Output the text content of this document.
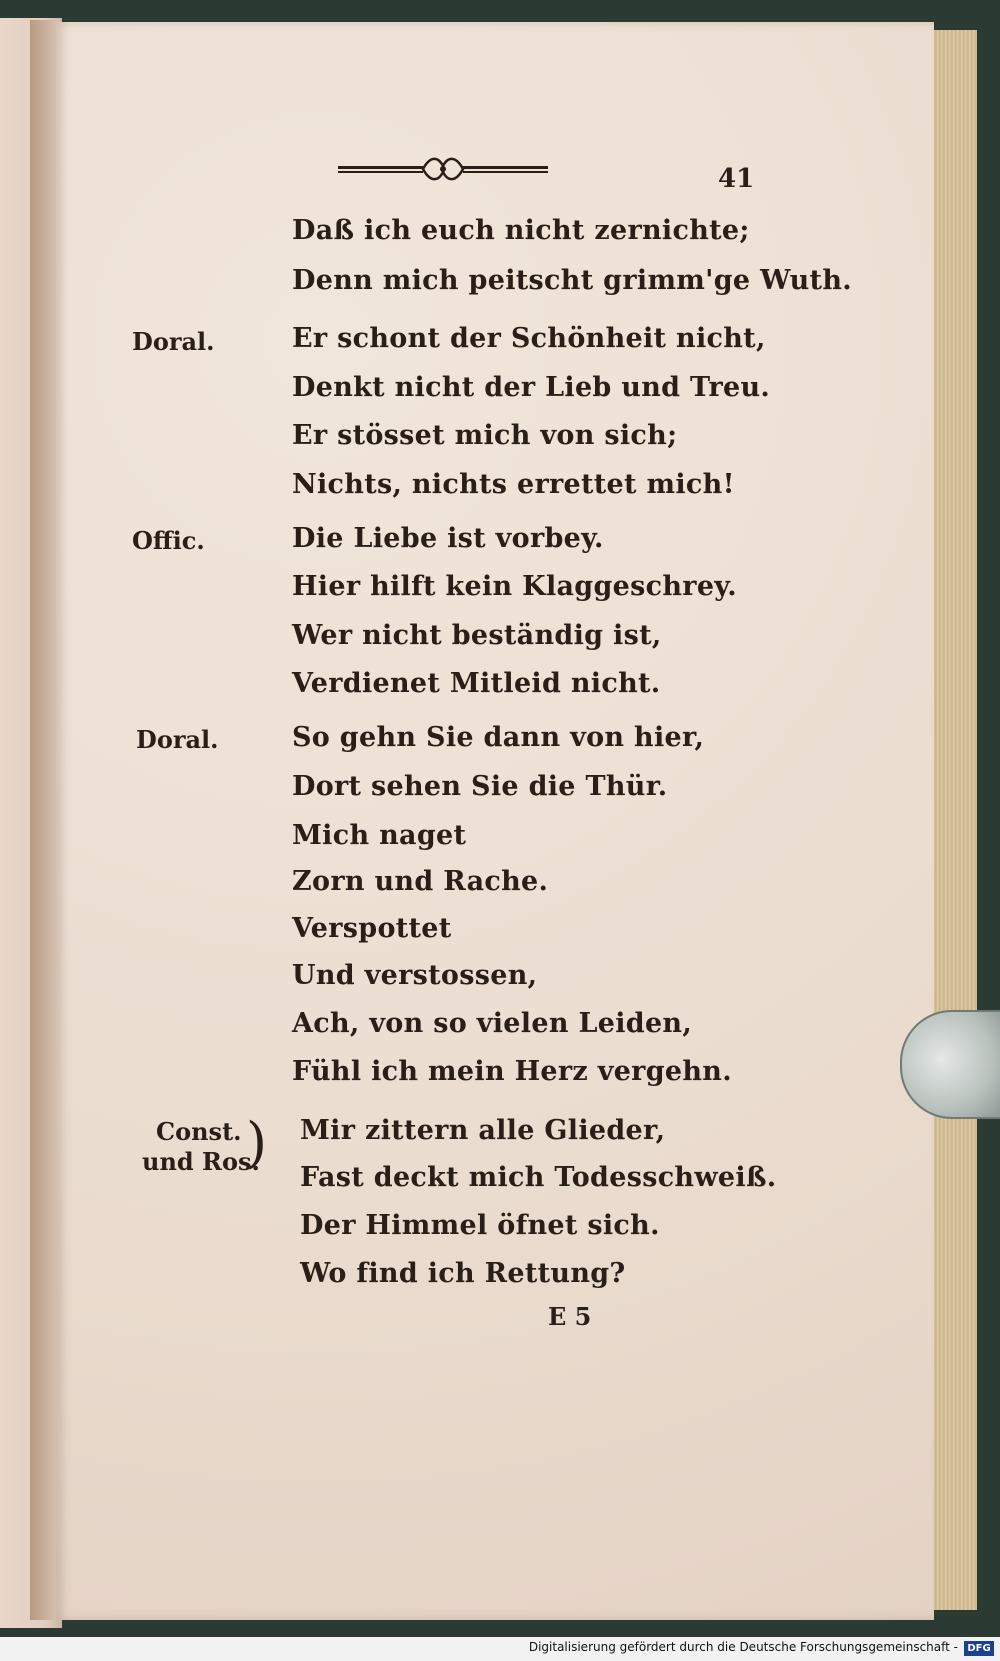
41
Doral.
Offic.
Doral.
Const.
und Ros.
)
Daß ich euch nicht zernichte;
Denn mich peitscht grimm'ge Wuth.
Er schont der Schönheit nicht,
Denkt nicht der Lieb und Treu.
Er stösset mich von sich;
Nichts, nichts errettet mich!
Die Liebe ist vorbey.
Hier hilft kein Klaggeschrey.
Wer nicht beständig ist,
Verdienet Mitleid nicht.
So gehn Sie dann von hier,
Dort sehen Sie die Thür.
Mich naget
Zorn und Rache.
Verspottet
Und verstossen,
Ach, von so vielen Leiden,
Fühl ich mein Herz vergehn.
Mir zittern alle Glieder,
Fast deckt mich Todesschweiß.
Der Himmel öfnet sich.
Wo find ich Rettung?
E 5
Digitalisierung gefördert durch die Deutsche Forschungsgemeinschaft - DFG
